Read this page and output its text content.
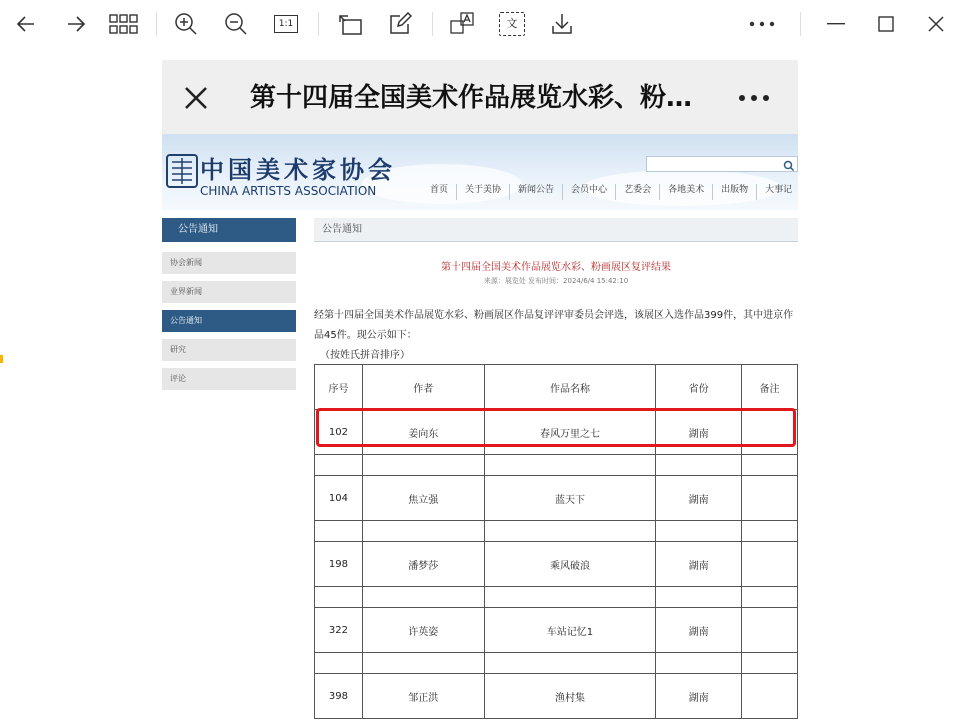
1:1	文
第十四届全国美术作品展览水彩、粉…
中国美术家协会
CHINA ARTISTS ASSOCIATION	首页	关于美协	新闻公告	会员中心	艺委会	各地美术	出版物	大事记
公告通知
协会新闻
业界新闻
公告通知
研究
评论
公告通知
第十四届全国美术作品展览水彩、粉画展区复评结果
来源：展览处 发布时间：2024/6/4 15:42:10
经第十四届全国美术作品展览水彩、粉画展区作品复评评审委员会评选，该展区入选作品399件，其中进京作品45件。现公示如下：
（按姓氏拼音排序）
序号	作者	作品名称	省份	备注
102	姜向东	春风万里之七	湖南	

104	焦立强	蓝天下	湖南	

198	潘梦莎	乘风破浪	湖南	

322	许英姿	车站记忆1	湖南	

398	邹正洪	渔村集	湖南	
